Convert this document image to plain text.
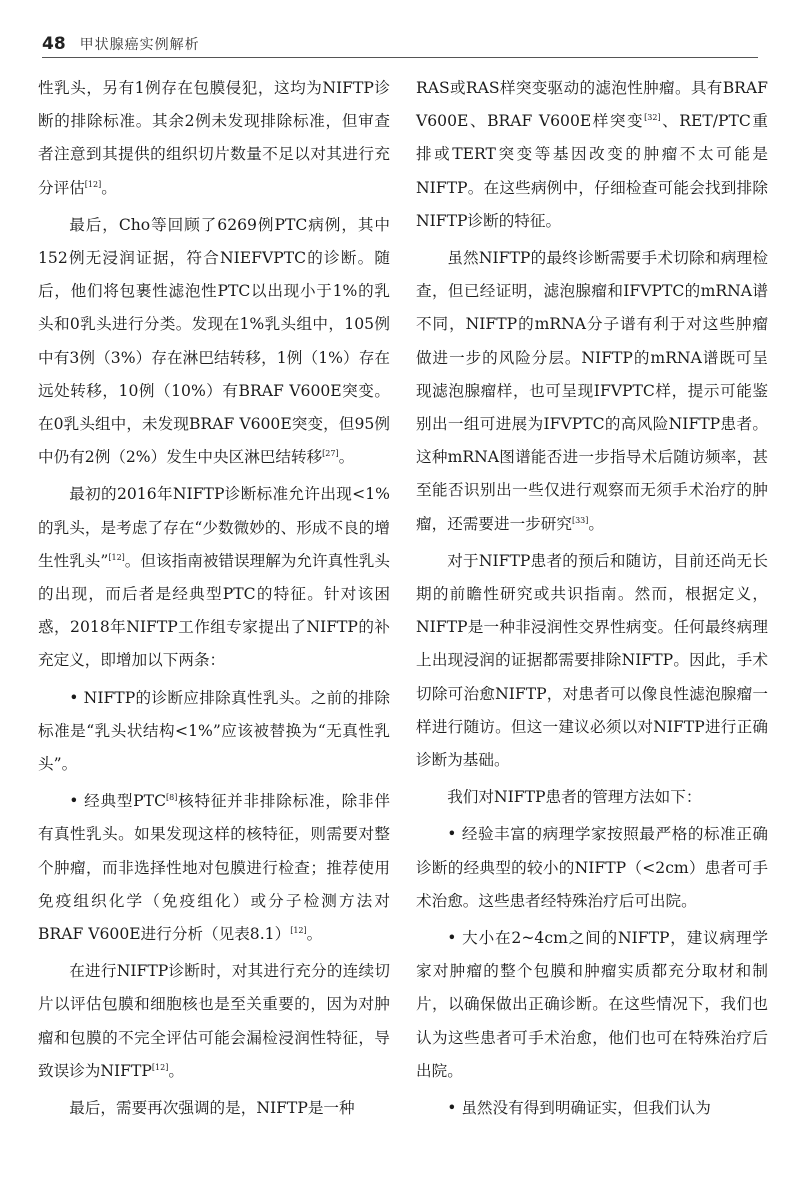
48 甲状腺癌实例解析

性乳头，另有1例存在包膜侵犯，这均为NIFTP诊断的排除标准。其余2例未发现排除标准，但审查者注意到其提供的组织切片数量不足以对其进行充分评估[12]。

最后，Cho等回顾了6269例PTC病例，其中152例无浸润证据，符合NIEFVPTC的诊断。随后，他们将包裹性滤泡性PTC以出现小于1%的乳头和0乳头进行分类。发现在1%乳头组中，105例中有3例（3%）存在淋巴结转移，1例（1%）存在远处转移，10例（10%）有BRAF V600E突变。在0乳头组中，未发现BRAF V600E突变，但95例中仍有2例（2%）发生中央区淋巴结转移[27]。

最初的2016年NIFTP诊断标准允许出现<1%的乳头，是考虑了存在“少数微妙的、形成不良的增生性乳头”[12]。但该指南被错误理解为允许真性乳头的出现，而后者是经典型PTC的特征。针对该困惑，2018年NIFTP工作组专家提出了NIFTP的补充定义，即增加以下两条：

• NIFTP的诊断应排除真性乳头。之前的排除标准是“乳头状结构<1%”应该被替换为“无真性乳头”。

• 经典型PTC[8]核特征并非排除标准，除非伴有真性乳头。如果发现这样的核特征，则需要对整个肿瘤，而非选择性地对包膜进行检查；推荐使用免疫组织化学（免疫组化）或分子检测方法对BRAF V600E进行分析（见表8.1）[12]。

在进行NIFTP诊断时，对其进行充分的连续切片以评估包膜和细胞核也是至关重要的，因为对肿瘤和包膜的不完全评估可能会漏检浸润性特征，导致误诊为NIFTP[12]。

最后，需要再次强调的是，NIFTP是一种

RAS或RAS样突变驱动的滤泡性肿瘤。具有BRAF V600E、BRAF V600E样突变[32]、RET/PTC重排或TERT突变等基因改变的肿瘤不太可能是NIFTP。在这些病例中，仔细检查可能会找到排除NIFTP诊断的特征。

虽然NIFTP的最终诊断需要手术切除和病理检查，但已经证明，滤泡腺瘤和IFVPTC的mRNA谱不同，NIFTP的mRNA分子谱有利于对这些肿瘤做进一步的风险分层。NIFTP的mRNA谱既可呈现滤泡腺瘤样，也可呈现IFVPTC样，提示可能鉴别出一组可进展为IFVPTC的高风险NIFTP患者。这种mRNA图谱能否进一步指导术后随访频率，甚至能否识别出一些仅进行观察而无须手术治疗的肿瘤，还需要进一步研究[33]。

对于NIFTP患者的预后和随访，目前还尚无长期的前瞻性研究或共识指南。然而，根据定义，NIFTP是一种非浸润性交界性病变。任何最终病理上出现浸润的证据都需要排除NIFTP。因此，手术切除可治愈NIFTP，对患者可以像良性滤泡腺瘤一样进行随访。但这一建议必须以对NIFTP进行正确诊断为基础。

我们对NIFTP患者的管理方法如下：

• 经验丰富的病理学家按照最严格的标准正确诊断的经典型的较小的NIFTP（<2cm）患者可手术治愈。这些患者经特殊治疗后可出院。

• 大小在2~4cm之间的NIFTP，建议病理学家对肿瘤的整个包膜和肿瘤实质都充分取材和制片，以确保做出正确诊断。在这些情况下，我们也认为这些患者可手术治愈，他们也可在特殊治疗后出院。

• 虽然没有得到明确证实，但我们认为
